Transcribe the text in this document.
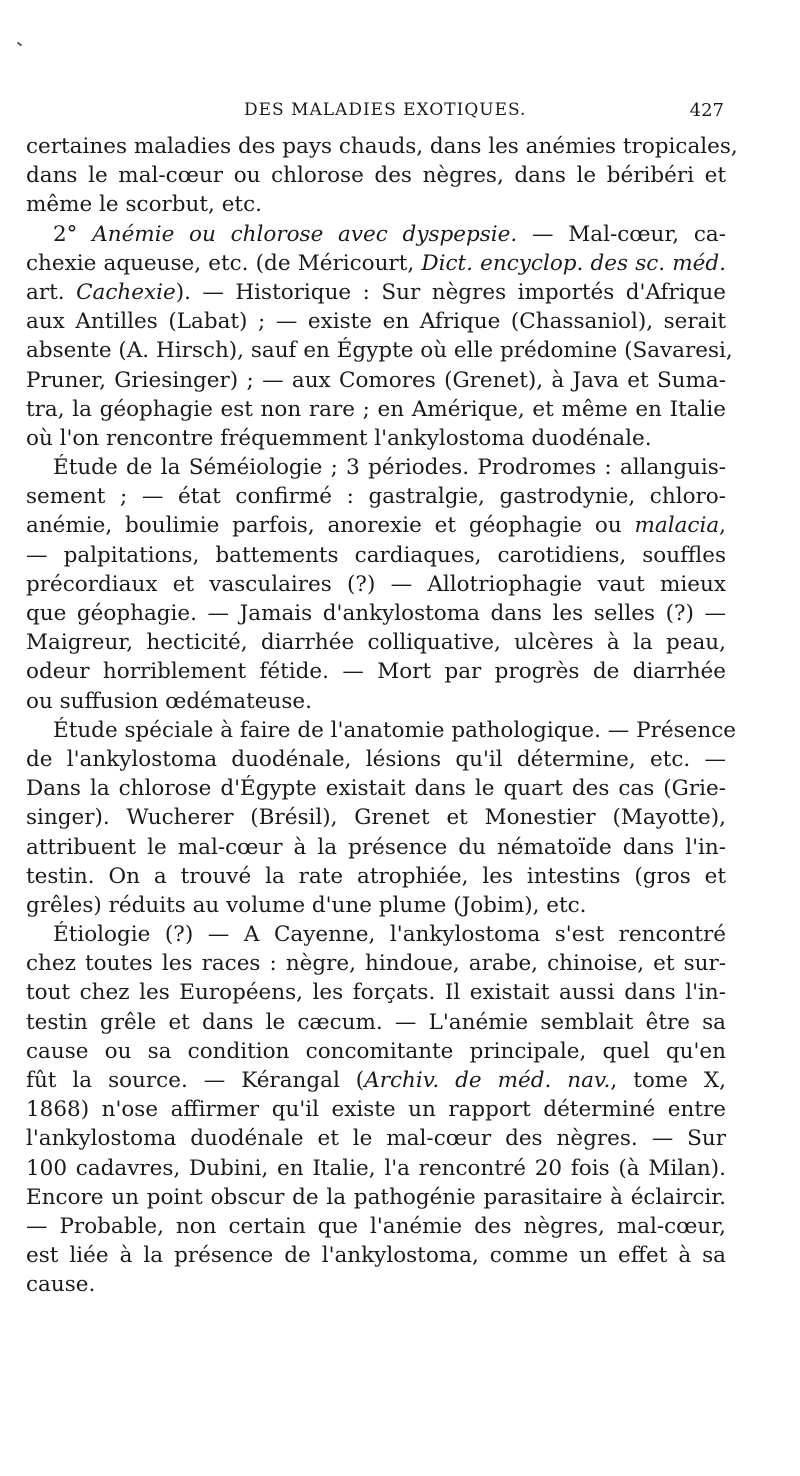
DES MALADIES EXOTIQUES.	427
certaines maladies des pays chauds, dans les anémies tropicales,
dans le mal-cœur ou chlorose des nègres, dans le béribéri et
même le scorbut, etc.
2° Anémie ou chlorose avec dyspepsie. — Mal-cœur, ca-
chexie aqueuse, etc. (de Méricourt, Dict. encyclop. des sc. méd.
art. Cachexie). — Historique : Sur nègres importés d'Afrique
aux Antilles (Labat) ; — existe en Afrique (Chassaniol), serait
absente (A. Hirsch), sauf en Égypte où elle prédomine (Savaresi,
Pruner, Griesinger) ; — aux Comores (Grenet), à Java et Suma-
tra, la géophagie est non rare ; en Amérique, et même en Italie
où l'on rencontre fréquemment l'ankylostoma duodénale.
Étude de la Séméiologie ; 3 périodes. Prodromes : allanguis-
sement ; — état confirmé : gastralgie, gastrodynie, chloro-
anémie, boulimie parfois, anorexie et géophagie ou malacia,
— palpitations, battements cardiaques, carotidiens, souffles
précordiaux et vasculaires (?) — Allotriophagie vaut mieux
que géophagie. — Jamais d'ankylostoma dans les selles (?) —
Maigreur, hecticité, diarrhée colliquative, ulcères à la peau,
odeur horriblement fétide. — Mort par progrès de diarrhée
ou suffusion œdémateuse.
Étude spéciale à faire de l'anatomie pathologique. — Présence
de l'ankylostoma duodénale, lésions qu'il détermine, etc. —
Dans la chlorose d'Égypte existait dans le quart des cas (Grie-
singer). Wucherer (Brésil), Grenet et Monestier (Mayotte),
attribuent le mal-cœur à la présence du nématoïde dans l'in-
testin. On a trouvé la rate atrophiée, les intestins (gros et
grêles) réduits au volume d'une plume (Jobim), etc.
Étiologie (?) — A Cayenne, l'ankylostoma s'est rencontré
chez toutes les races : nègre, hindoue, arabe, chinoise, et sur-
tout chez les Européens, les forçats. Il existait aussi dans l'in-
testin grêle et dans le cæcum. — L'anémie semblait être sa
cause ou sa condition concomitante principale, quel qu'en
fût la source. — Kérangal (Archiv. de méd. nav., tome X,
1868) n'ose affirmer qu'il existe un rapport déterminé entre
l'ankylostoma duodénale et le mal-cœur des nègres. — Sur
100 cadavres, Dubini, en Italie, l'a rencontré 20 fois (à Milan).
Encore un point obscur de la pathogénie parasitaire à éclaircir.
— Probable, non certain que l'anémie des nègres, mal-cœur,
est liée à la présence de l'ankylostoma, comme un effet à sa
cause.
